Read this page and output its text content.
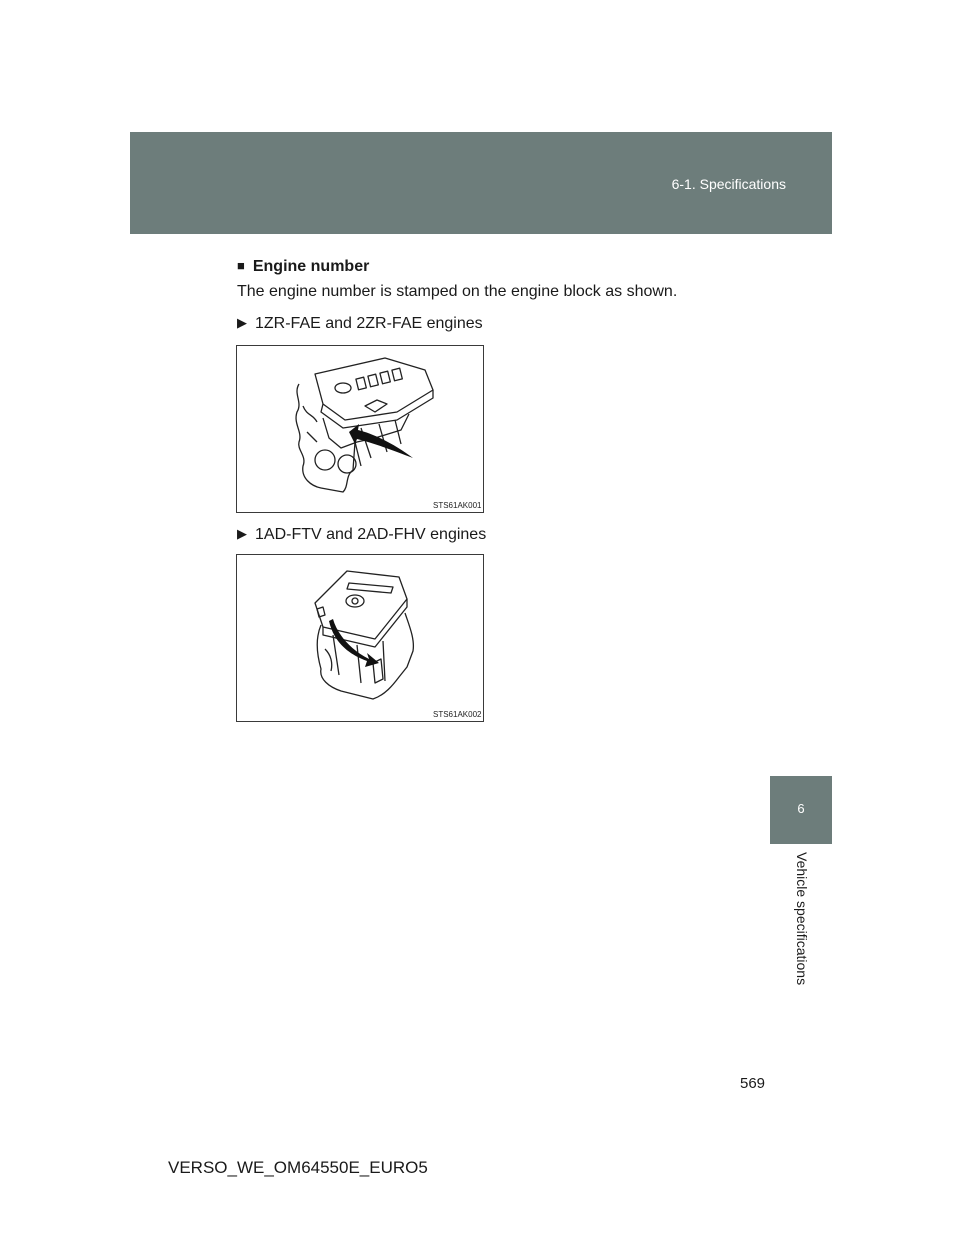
6-1. Specifications
6
Vehicle specifications
■ Engine number
The engine number is stamped on the engine block as shown.
▶ 1ZR-FAE and 2ZR-FAE engines
STS61AK001
▶ 1AD-FTV and 2AD-FHV engines
STS61AK002
569
VERSO_WE_OM64550E_EURO5
